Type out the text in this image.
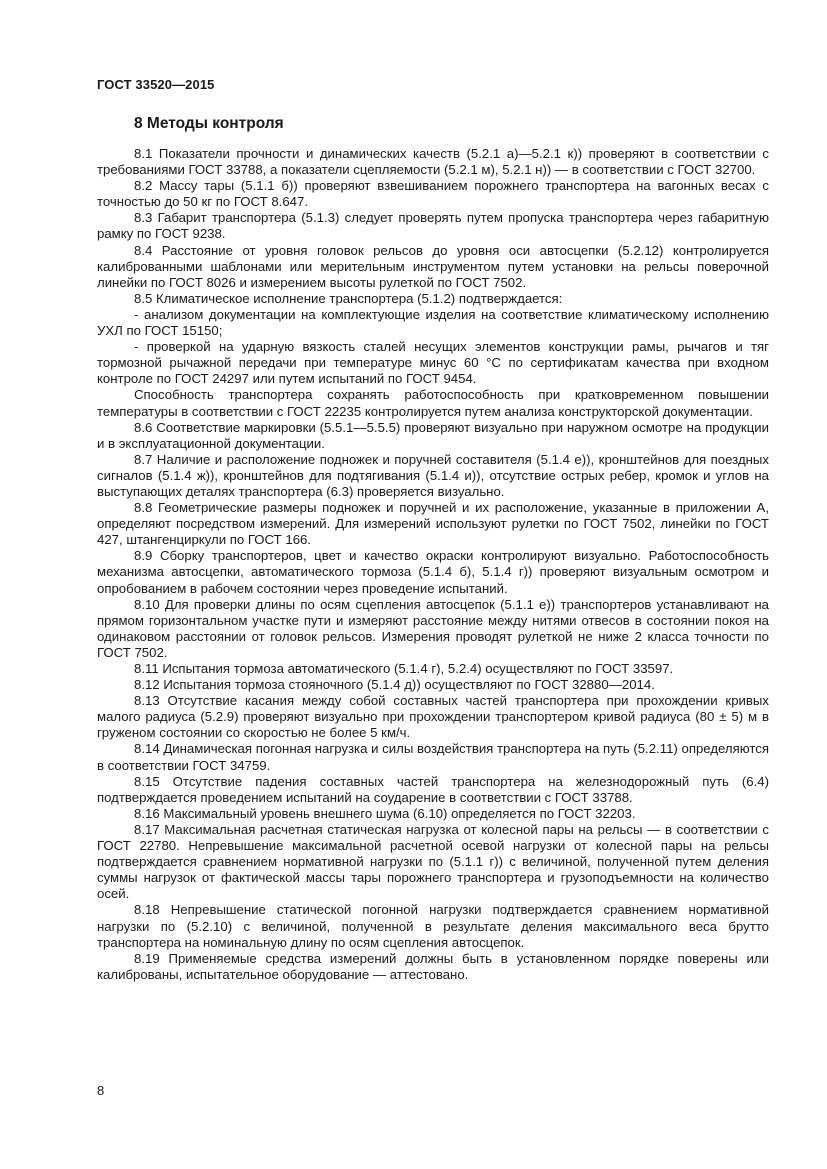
ГОСТ 33520—2015
8 Методы контроля

8.1 Показатели прочности и динамических качеств (5.2.1 а)—5.2.1 к)) проверяют в соответствии с требованиями ГОСТ 33788, а показатели сцепляемости (5.2.1 м), 5.2.1 н)) — в соответствии с ГОСТ 32700.

8.2 Массу тары (5.1.1 б)) проверяют взвешиванием порожнего транспортера на вагонных весах с точностью до 50 кг по ГОСТ 8.647.

8.3 Габарит транспортера (5.1.3) следует проверять путем пропуска транспортера через габаритную рамку по ГОСТ 9238.

8.4 Расстояние от уровня головок рельсов до уровня оси автосцепки (5.2.12) контролируется калиброванными шаблонами или мерительным инструментом путем установки на рельсы поверочной линейки по ГОСТ 8026 и измерением высоты рулеткой по ГОСТ 7502.

8.5 Климатическое исполнение транспортера (5.1.2) подтверждается:

- анализом документации на комплектующие изделия на соответствие климатическому исполнению УХЛ по ГОСТ 15150;

- проверкой на ударную вязкость сталей несущих элементов конструкции рамы, рычагов и тяг тормозной рычажной передачи при температуре минус 60 °С по сертификатам качества при входном контроле по ГОСТ 24297 или путем испытаний по ГОСТ 9454.

Способность транспортера сохранять работоспособность при кратковременном повышении температуры в соответствии с ГОСТ 22235 контролируется путем анализа конструкторской документации.

8.6 Соответствие маркировки (5.5.1—5.5.5) проверяют визуально при наружном осмотре на продукции и в эксплуатационной документации.

8.7 Наличие и расположение подножек и поручней составителя (5.1.4 е)), кронштейнов для поездных сигналов (5.1.4 ж)), кронштейнов для подтягивания (5.1.4 и)), отсутствие острых ребер, кромок и углов на выступающих деталях транспортера (6.3) проверяется визуально.

8.8 Геометрические размеры подножек и поручней и их расположение, указанные в приложении А, определяют посредством измерений. Для измерений используют рулетки по ГОСТ 7502, линейки по ГОСТ 427, штангенциркули по ГОСТ 166.

8.9 Сборку транспортеров, цвет и качество окраски контролируют визуально. Работоспособность механизма автосцепки, автоматического тормоза (5.1.4 б), 5.1.4 г)) проверяют визуальным осмотром и опробованием в рабочем состоянии через проведение испытаний.

8.10 Для проверки длины по осям сцепления автосцепок (5.1.1 е)) транспортеров устанавливают на прямом горизонтальном участке пути и измеряют расстояние между нитями отвесов в состоянии покоя на одинаковом расстоянии от головок рельсов. Измерения проводят рулеткой не ниже 2 класса точности по ГОСТ 7502.

8.11 Испытания тормоза автоматического (5.1.4 г), 5.2.4) осуществляют по ГОСТ 33597.

8.12 Испытания тормоза стояночного (5.1.4 д)) осуществляют по ГОСТ 32880—2014.

8.13 Отсутствие касания между собой составных частей транспортера при прохождении кривых малого радиуса (5.2.9) проверяют визуально при прохождении транспортером кривой радиуса (80 ± 5) м в груженом состоянии со скоростью не более 5 км/ч.

8.14 Динамическая погонная нагрузка и силы воздействия транспортера на путь (5.2.11) определяются в соответствии ГОСТ 34759.

8.15 Отсутствие падения составных частей транспортера на железнодорожный путь (6.4) подтверждается проведением испытаний на соударение в соответствии с ГОСТ 33788.

8.16 Максимальный уровень внешнего шума (6.10) определяется по ГОСТ 32203.

8.17 Максимальная расчетная статическая нагрузка от колесной пары на рельсы — в соответствии с ГОСТ 22780. Непревышение максимальной расчетной осевой нагрузки от колесной пары на рельсы подтверждается сравнением нормативной нагрузки по (5.1.1 г)) с величиной, полученной путем деления суммы нагрузок от фактической массы тары порожнего транспортера и грузоподъемности на количество осей.

8.18 Непревышение статической погонной нагрузки подтверждается сравнением нормативной нагрузки по (5.2.10) с величиной, полученной в результате деления максимального веса брутто транспортера на номинальную длину по осям сцепления автосцепок.

8.19 Применяемые средства измерений должны быть в установленном порядке поверены или калиброваны, испытательное оборудование — аттестовано.

8
